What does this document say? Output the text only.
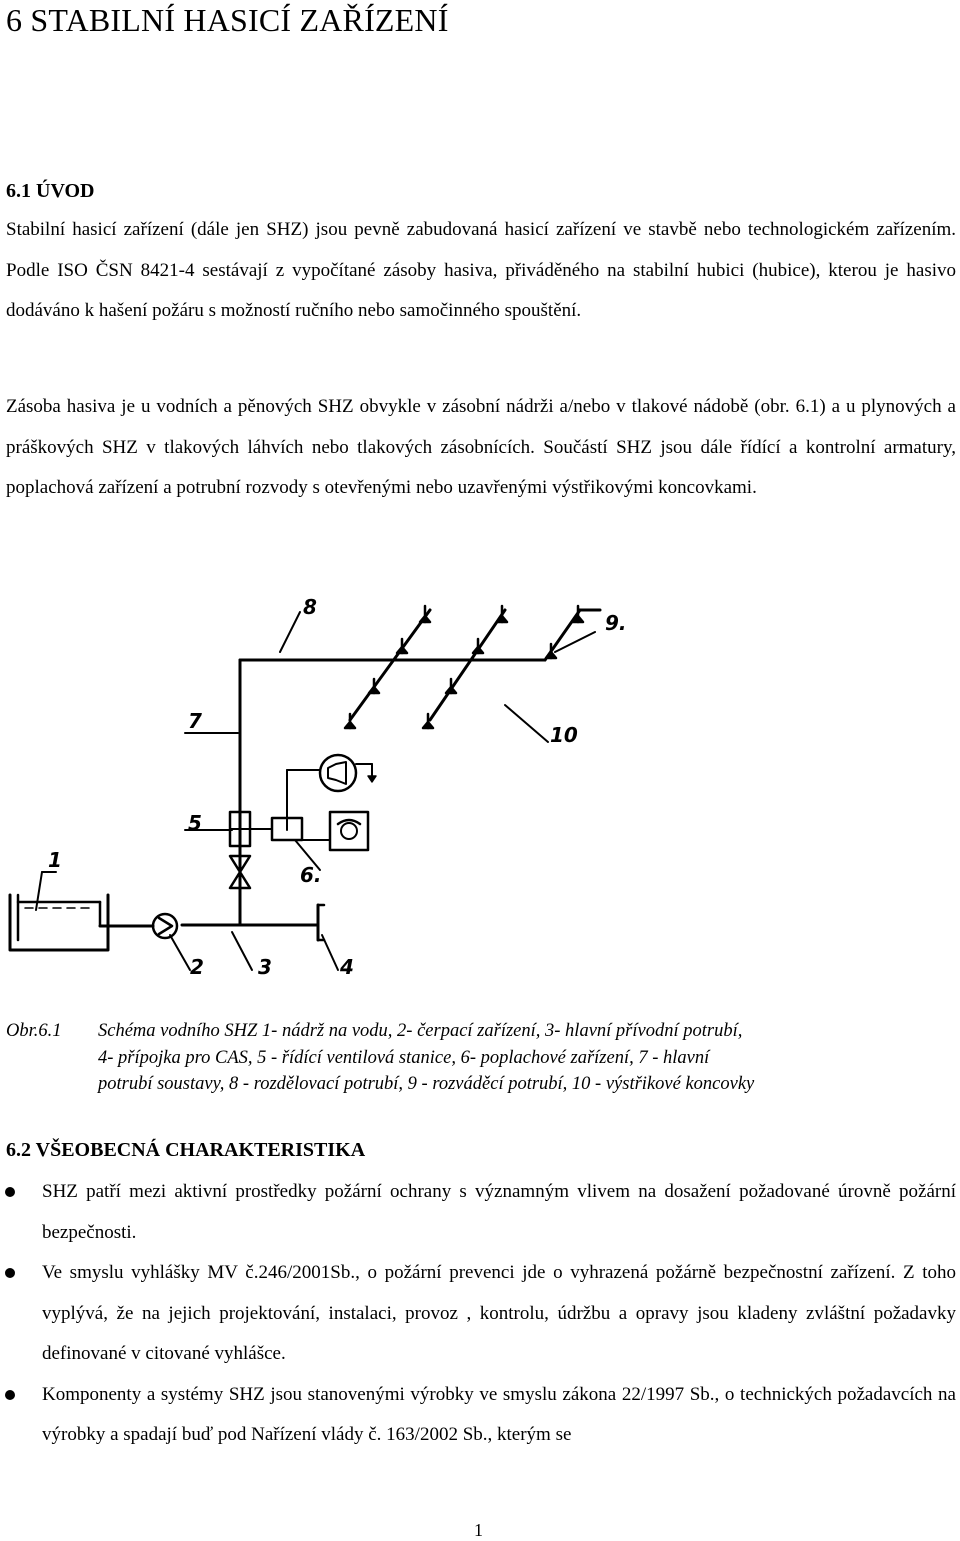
6 STABILNÍ HASICÍ ZAŘÍZENÍ
6.1 ÚVOD

Stabilní hasicí zařízení (dále jen SHZ) jsou pevně zabudovaná hasicí zařízení ve stavbě nebo technologickém zařízením. Podle ISO ČSN 8421-4 sestávají z vypočítané zásoby hasiva, přiváděného na stabilní hubici (hubice), kterou je hasivo dodáváno k hašení požáru s možností ručního nebo samočinného spouštění.

Zásoba hasiva je u vodních a pěnových SHZ obvykle v zásobní nádrži a/nebo v tlakové nádobě (obr. 6.1) a u plynových a práškových SHZ v tlakových láhvích nebo tlakových zásobnících. Součástí SHZ jsou dále řídící a kontrolní armatury, poplachová zařízení a potrubní rozvody s otevřenými nebo uzavřenými výstřikovými koncovkami.

8
9.
7
10
5
1
6.
2	3	4
Obr.6.1 Schéma vodního SHZ 1- nádrž na vodu, 2- čerpací zařízení, 3- hlavní přívodní potrubí,
4- přípojka pro CAS, 5 - řídící ventilová stanice, 6- poplachové zařízení, 7 - hlavní
potrubí soustavy, 8 - rozdělovací potrubí, 9 - rozváděcí potrubí, 10 - výstřikové koncovky
6.2 VŠEOBECNÁ CHARAKTERISTIKA
SHZ patří mezi aktivní prostředky požární ochrany s významným vlivem na dosažení požadované úrovně požární bezpečnosti.
Ve smyslu vyhlášky MV č.246/2001Sb., o požární prevenci jde o vyhrazená požárně bezpečnostní zařízení. Z toho vyplývá, že na jejich projektování, instalaci, provoz , kontrolu, údržbu a opravy jsou kladeny zvláštní požadavky definované v citované vyhlášce.
Komponenty a systémy SHZ jsou stanovenými výrobky ve smyslu zákona 22/1997 Sb., o technických požadavcích na výrobky a spadají buď pod Nařízení vlády č. 163/2002 Sb., kterým se
1
